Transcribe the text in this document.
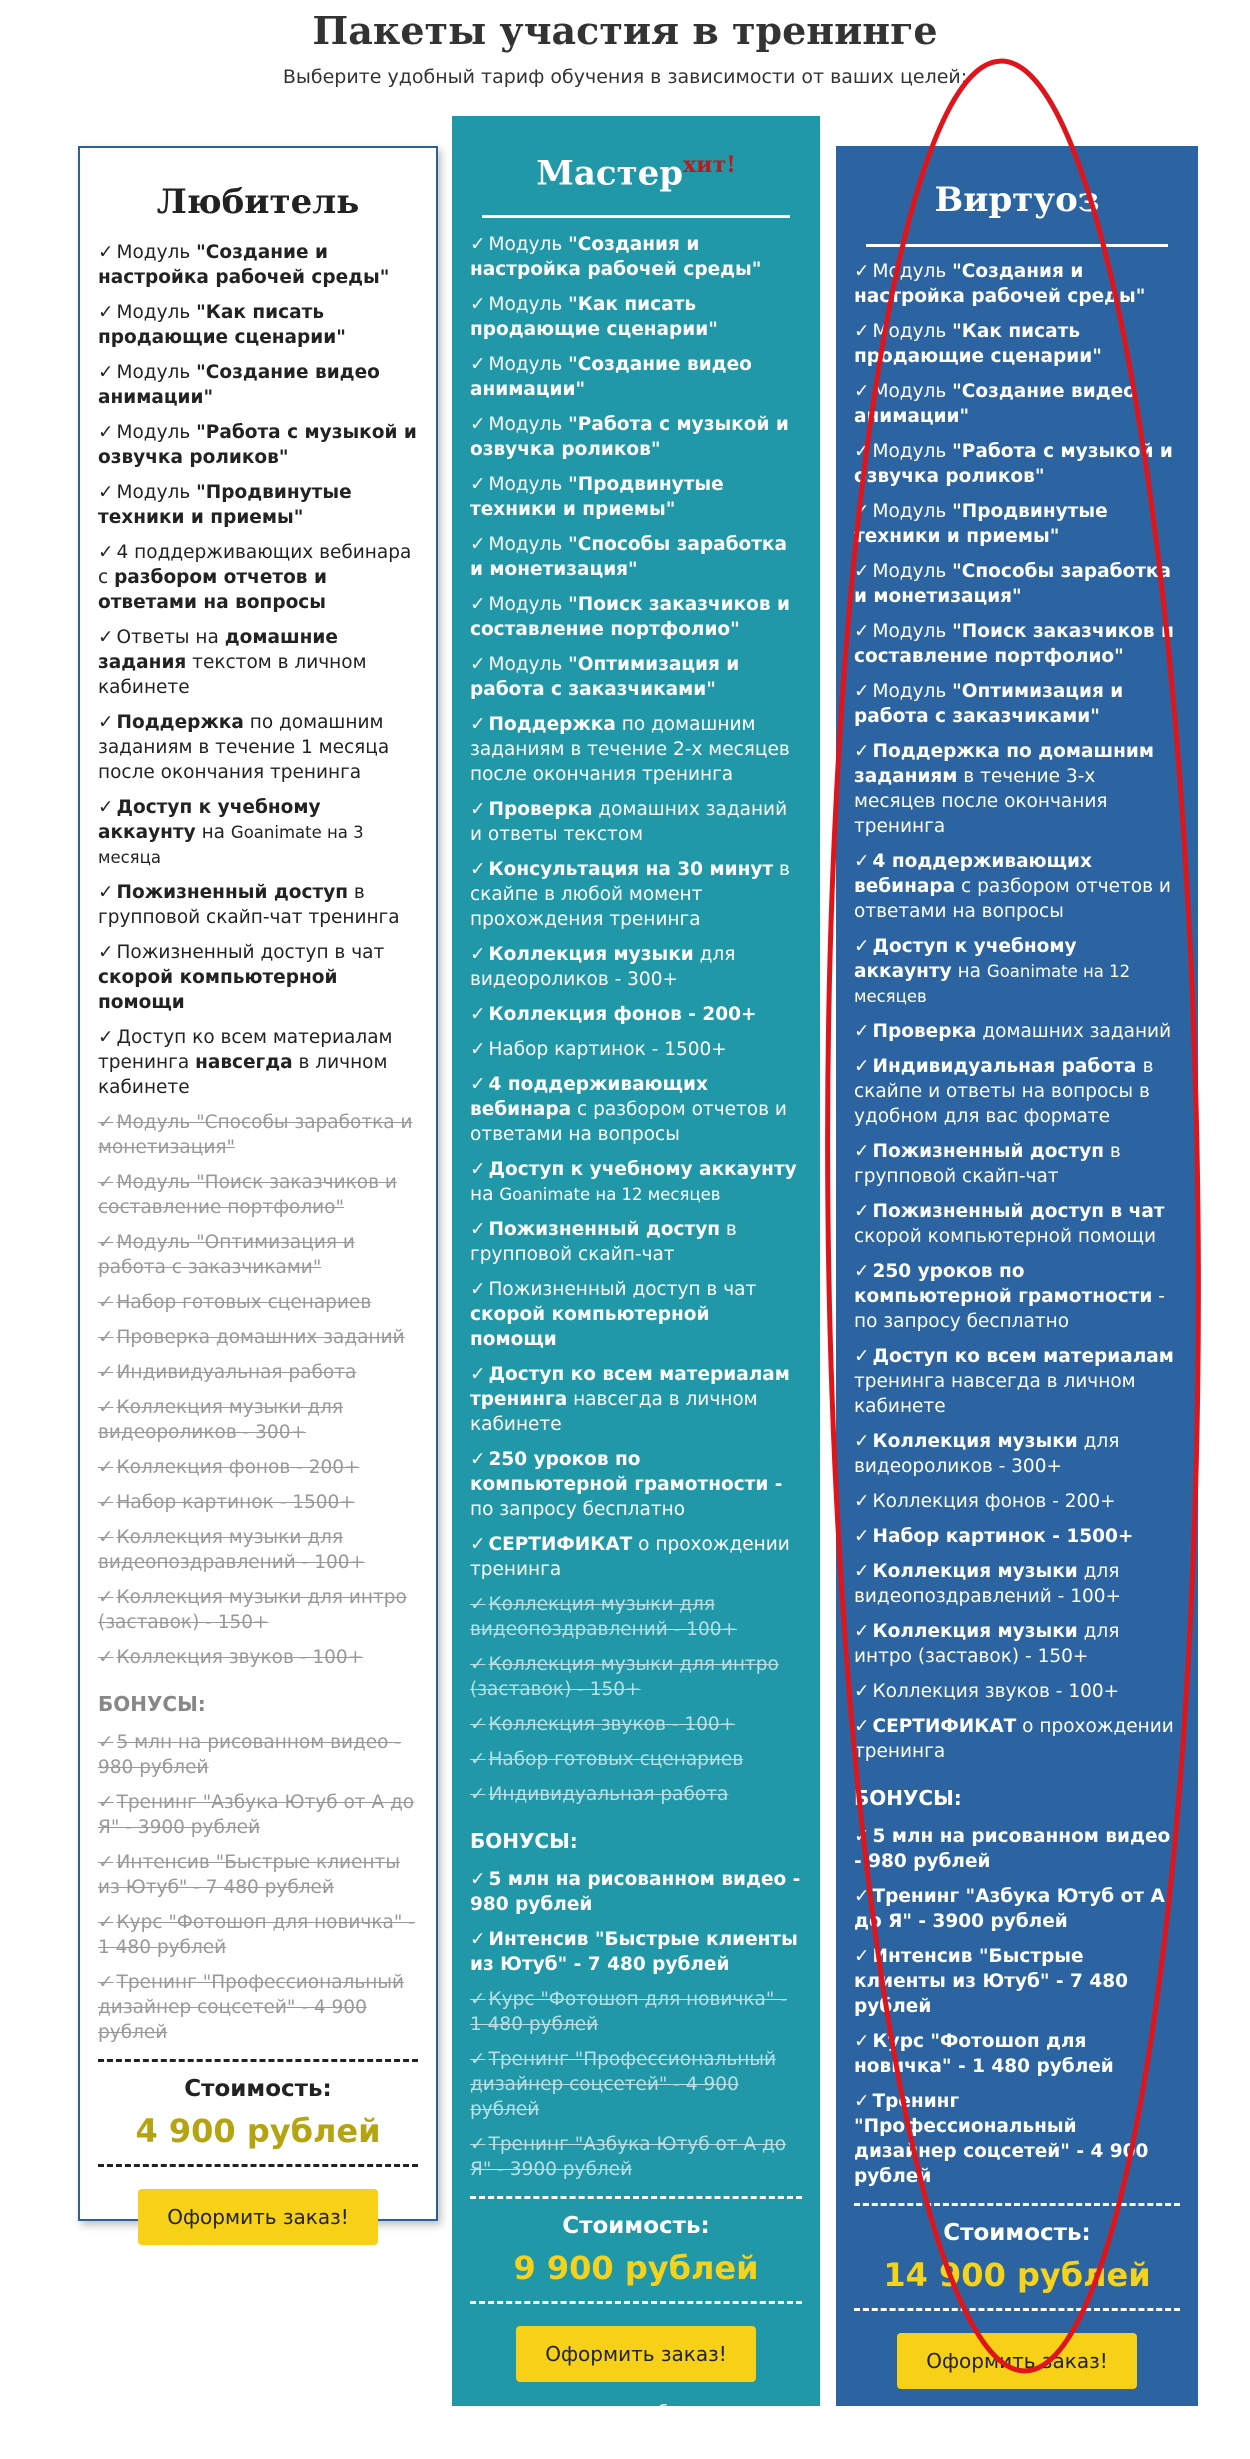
Пакеты участия в тренинге
Выберите удобный тариф обучения в зависимости от ваших целей:
Любитель
✓ Модуль "Создание и настройка рабочей среды"
✓ Модуль "Как писать продающие сценарии"
✓ Модуль "Создание видео анимации"
✓ Модуль "Работа с музыкой и озвучка роликов"
✓ Модуль "Продвинутые техники и приемы"
✓ 4 поддерживающих вебинара с разбором отчетов и ответами на вопросы
✓ Ответы на домашние задания текстом в личном кабинете
✓ Поддержка по домашним заданиям в течение 1 месяца после окончания тренинга
✓ Доступ к учебному аккаунту на Goanimate на 3 месяца
✓ Пожизненный доступ в групповой скайп-чат тренинга
✓ Пожизненный доступ в чат скорой компьютерной помощи
✓ Доступ ко всем материалам тренинга навсегда в личном кабинете
✓ Модуль "Способы заработка и монетизация"
✓ Модуль "Поиск заказчиков и составление портфолио"
✓ Модуль "Оптимизация и работа с заказчиками"
✓ Набор готовых сценариев
✓ Проверка домашних заданий
✓ Индивидуальная работа
✓ Коллекция музыки для видеороликов - 300+
✓ Коллекция фонов - 200+
✓ Набор картинок - 1500+
✓ Коллекция музыки для видеопоздравлений - 100+
✓ Коллекция музыки для интро (заставок) - 150+
✓ Коллекция звуков - 100+
БОНУСЫ:
✓ 5 млн на рисованном видео - 980 рублей
✓ Тренинг "Азбука Ютуб от А до Я" - 3900 рублей
✓ Интенсив "Быстрые клиенты из Ютуб" - 7 480 рублей
✓ Курс "Фотошоп для новичка" - 1 480 рублей
✓ Тренинг "Профессиональный дизайнер соцсетей" - 4 900 рублей
Стоимость:
4 900 рублей
Оформить заказ!
Мастер$^{хит!}$
✓ Модуль "Создания и настройка рабочей среды"
✓ Модуль "Как писать продающие сценарии"
✓ Модуль "Создание видео анимации"
✓ Модуль "Работа с музыкой и озвучка роликов"
✓ Модуль "Продвинутые техники и приемы"
✓ Модуль "Способы заработка и монетизация"
✓ Модуль "Поиск заказчиков и составление портфолио"
✓ Модуль "Оптимизация и работа с заказчиками"
✓ Поддержка по домашним заданиям в течение 2-х месяцев после окончания тренинга
✓ Проверка домашних заданий и ответы текстом
✓ Консультация на 30 минут в скайпе в любой момент прохождения тренинга
✓ Коллекция музыки для видеороликов - 300+
✓ Коллекция фонов - 200+
✓ Набор картинок - 1500+
✓ 4 поддерживающих вебинара с разбором отчетов и ответами на вопросы
✓ Доступ к учебному аккаунту на Goanimate на 12 месяцев
✓ Пожизненный доступ в групповой скайп-чат
✓ Пожизненный доступ в чат скорой компьютерной помощи
✓ Доступ ко всем материалам тренинга навсегда в личном кабинете
✓ 250 уроков по компьютерной грамотности - по запросу бесплатно
✓ СЕРТИФИКАТ о прохождении тренинга
✓ Коллекция музыки для видеопоздравлений - 100+
✓ Коллекция музыки для интро (заставок) - 150+
✓ Коллекция звуков - 100+
✓ Набор готовых сценариев
✓ Индивидуальная работа
БОНУСЫ:
✓ 5 млн на рисованном видео - 980 рублей
✓ Интенсив "Быстрые клиенты из Ютуб" - 7 480 рублей
✓ Курс "Фотошоп для новичка" - 1 480 рублей
✓ Тренинг "Профессиональный дизайнер соцсетей" - 4 900 рублей
✓ Тренинг "Азбука Ютуб от А до Я" - 3900 рублей
Стоимость:
9 900 рублей
Оформить заказ!
и получить бонусы
на 8 460 рублей!
Виртуоз
✓ Модуль "Создания и настройка рабочей среды"
✓ Модуль "Как писать продающие сценарии"
✓ Модуль "Создание видео анимации"
✓ Модуль "Работа с музыкой и озвучка роликов"
✓ Модуль "Продвинутые техники и приемы"
✓ Модуль "Способы заработка и монетизация"
✓ Модуль "Поиск заказчиков и составление портфолио"
✓ Модуль "Оптимизация и работа с заказчиками"
✓ Поддержка по домашним заданиям в течение 3-х месяцев после окончания тренинга
✓ 4 поддерживающих вебинара с разбором отчетов и ответами на вопросы
✓ Доступ к учебному аккаунту на Goanimate на 12 месяцев
✓ Проверка домашних заданий
✓ Индивидуальная работа в скайпе и ответы на вопросы в удобном для вас формате
✓ Пожизненный доступ в групповой скайп-чат
✓ Пожизненный доступ в чат скорой компьютерной помощи
✓ 250 уроков по компьютерной грамотности - по запросу бесплатно
✓ Доступ ко всем материалам тренинга навсегда в личном кабинете
✓ Коллекция музыки для видеороликов - 300+
✓ Коллекция фонов - 200+
✓ Набор картинок - 1500+
✓ Коллекция музыки для видеопоздравлений - 100+
✓ Коллекция музыки для интро (заставок) - 150+
✓ Коллекция звуков - 100+
✓ СЕРТИФИКАТ о прохождении тренинга
БОНУСЫ:
✓ 5 млн на рисованном видео - 980 рублей
✓ Тренинг "Азбука Ютуб от А до Я" - 3900 рублей
✓ Интенсив "Быстрые клиенты из Ютуб" - 7 480 рублей
✓ Курс "Фотошоп для новичка" - 1 480 рублей
✓ Тренинг "Профессиональный дизайнер соцсетей" - 4 900 рублей
Стоимость:
14 900 рублей
Оформить заказ!
и получить бонусы
на 18 740 рублей!
